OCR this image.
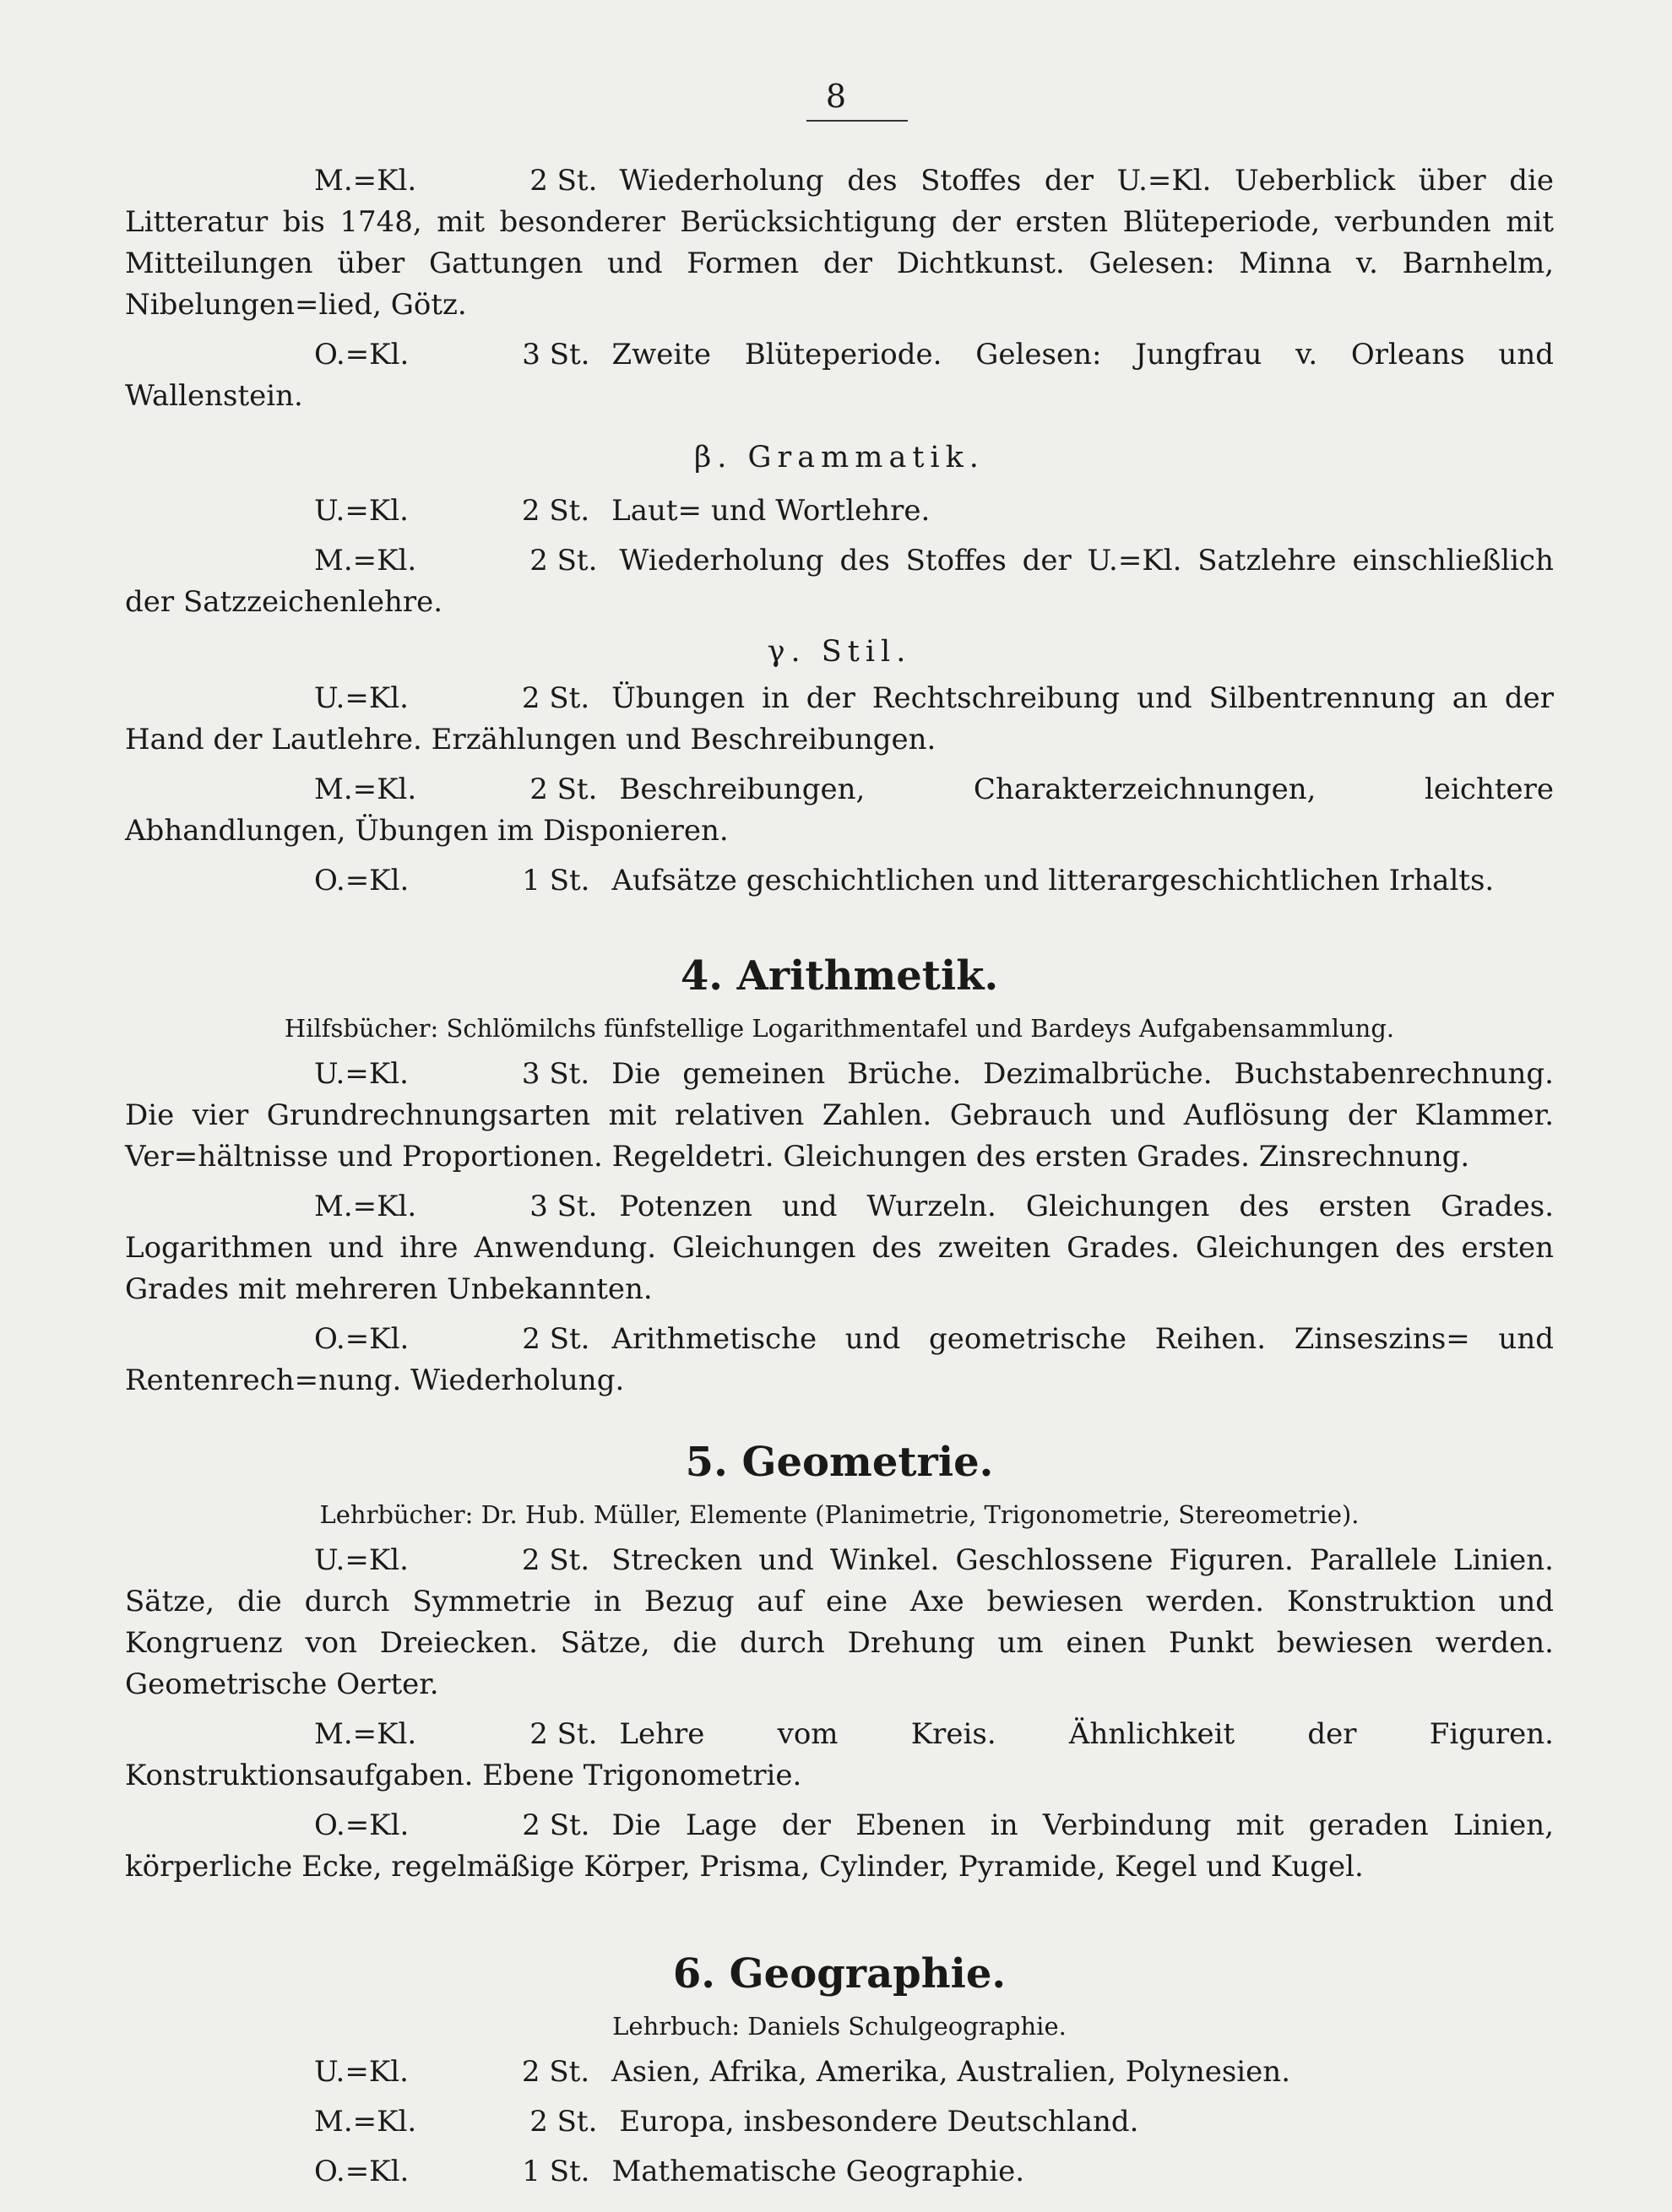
8

M.=Kl.	2 St. Wiederholung des Stoffes der U.=Kl. Ueberblick über die Litteratur bis 1748, mit besonderer Berücksichtigung der ersten Blüteperiode, verbunden mit Mitteilungen über Gattungen und Formen der Dichtkunst. Gelesen: Minna v. Barnhelm, Nibelungen=lied, Götz.

O.=Kl.	3 St. Zweite Blüteperiode. Gelesen: Jungfrau v. Orleans und Wallenstein.

β. Grammatik.

U.=Kl.	2 St. Laut= und Wortlehre.

M.=Kl.	2 St. Wiederholung des Stoffes der U.=Kl. Satzlehre einschließlich der Satzzeichenlehre.

γ. Stil.

U.=Kl.	2 St. Übungen in der Rechtschreibung und Silbentrennung an der Hand der Lautlehre. Erzählungen und Beschreibungen.

M.=Kl.	2 St. Beschreibungen, Charakterzeichnungen, leichtere Abhandlungen, Übungen im Disponieren.

O.=Kl.	1 St. Aufsätze geschichtlichen und litterargeschichtlichen Irhalts.

4. Arithmetik.
Hilfsbücher: Schlömilchs fünfstellige Logarithmentafel und Bardeys Aufgabensammlung.

U.=Kl.	3 St. Die gemeinen Brüche. Dezimalbrüche. Buchstabenrechnung. Die vier Grundrechnungsarten mit relativen Zahlen. Gebrauch und Auflösung der Klammer. Ver=hältnisse und Proportionen. Regeldetri. Gleichungen des ersten Grades. Zinsrechnung.

M.=Kl.	3 St. Potenzen und Wurzeln. Gleichungen des ersten Grades. Logarithmen und ihre Anwendung. Gleichungen des zweiten Grades. Gleichungen des ersten Grades mit mehreren Unbekannten.

O.=Kl.	2 St. Arithmetische und geometrische Reihen. Zinseszins= und Rentenrech=nung. Wiederholung.

5. Geometrie.
Lehrbücher: Dr. Hub. Müller, Elemente (Planimetrie, Trigonometrie, Stereometrie).

U.=Kl.	2 St. Strecken und Winkel. Geschlossene Figuren. Parallele Linien. Sätze, die durch Symmetrie in Bezug auf eine Axe bewiesen werden. Konstruktion und Kongruenz von Dreiecken. Sätze, die durch Drehung um einen Punkt bewiesen werden. Geometrische Oerter.

M.=Kl.	2 St. Lehre vom Kreis. Ähnlichkeit der Figuren. Konstruktionsaufgaben. Ebene Trigonometrie.

O.=Kl.	2 St. Die Lage der Ebenen in Verbindung mit geraden Linien, körperliche Ecke, regelmäßige Körper, Prisma, Cylinder, Pyramide, Kegel und Kugel.

6. Geographie.
Lehrbuch: Daniels Schulgeographie.

U.=Kl.	2 St. Asien, Afrika, Amerika, Australien, Polynesien.

M.=Kl.	2 St. Europa, insbesondere Deutschland.

O.=Kl.	1 St. Mathematische Geographie.
